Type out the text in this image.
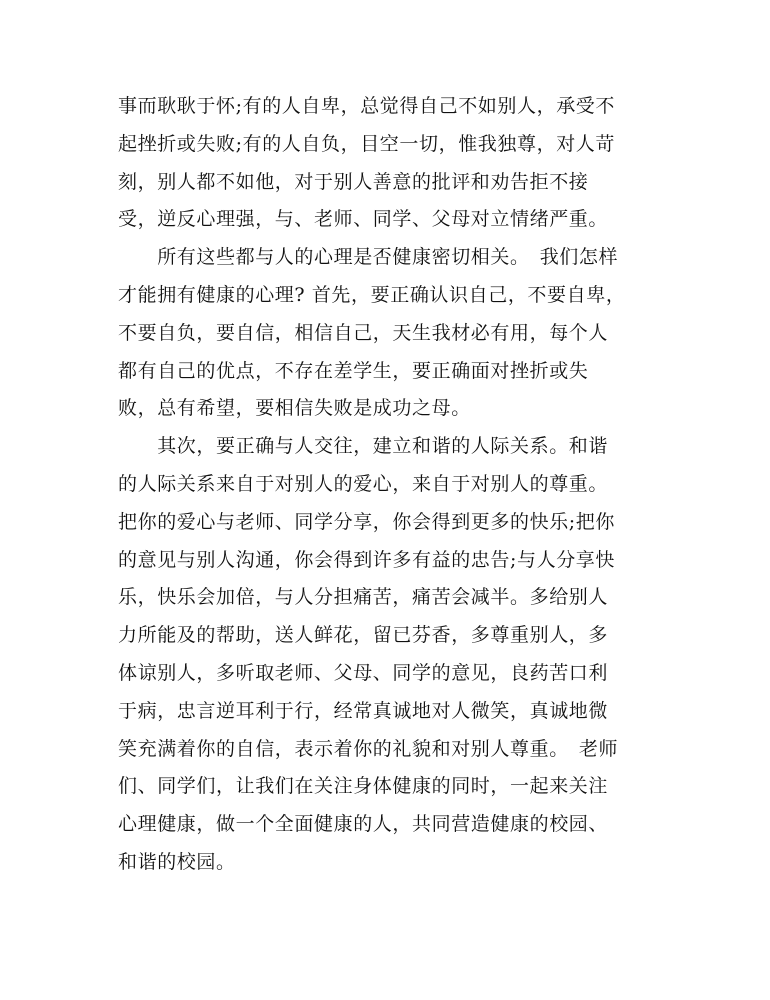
事而耿耿于怀;有的人自卑，总觉得自己不如别人，承受不
起挫折或失败;有的人自负，目空一切，惟我独尊，对人苛
刻，别人都不如他，对于别人善意的批评和劝告拒不接
受，逆反心理强，与、老师、同学、父母对立情绪严重。
　　所有这些都与人的心理是否健康密切相关。　我们怎样
才能拥有健康的心理? 首先，要正确认识自己，不要自卑，
不要自负，要自信，相信自己，天生我材必有用，每个人
都有自己的优点，不存在差学生，要正确面对挫折或失
败，总有希望，要相信失败是成功之母。
　　其次，要正确与人交往，建立和谐的人际关系。和谐
的人际关系来自于对别人的爱心，来自于对别人的尊重。
把你的爱心与老师、同学分享，你会得到更多的快乐;把你
的意见与别人沟通，你会得到许多有益的忠告;与人分享快
乐，快乐会加倍，与人分担痛苦，痛苦会减半。多给别人
力所能及的帮助，送人鲜花，留已芬香，多尊重别人，多
体谅别人，多听取老师、父母、同学的意见，良药苦口利
于病，忠言逆耳利于行，经常真诚地对人微笑，真诚地微
笑充满着你的自信，表示着你的礼貌和对别人尊重。　老师
们、同学们，让我们在关注身体健康的同时，一起来关注
心理健康，做一个全面健康的人，共同营造健康的校园、
和谐的校园。
